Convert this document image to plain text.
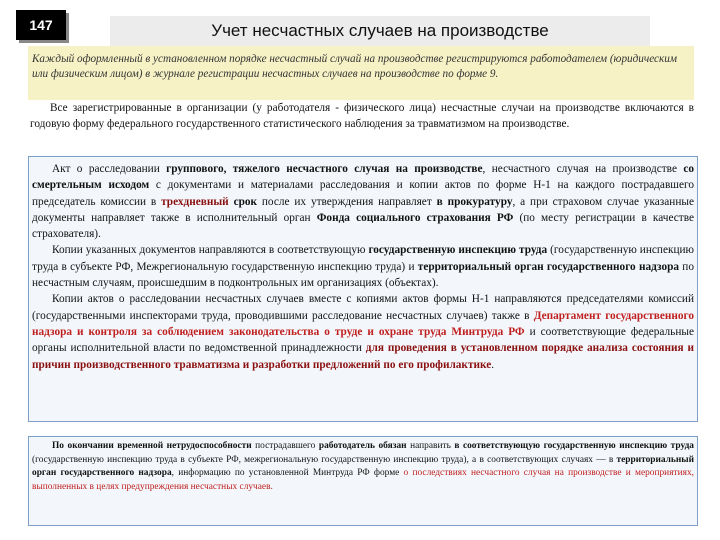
147	Учет несчастных случаев на производстве
Каждый оформленный в установленном порядке несчастный случай на производстве регистрируются работодателем (юридическим или физическим лицом) в журнале регистрации несчастных случаев на производстве по форме 9.

Все зарегистрированные в организации (у работодателя - физического лица) несчастные случаи на производстве включаются в годовую форму федерального государственного статистического наблюдения за травматизмом на производстве.

Акт о расследовании группового, тяжелого несчастного случая на производстве, несчастного случая на производстве со смертельным исходом с документами и материалами расследования и копии актов по форме Н-1 на каждого пострадавшего председатель комиссии в трехдневный срок после их утверждения направляет в прокуратуру, а при страховом случае указанные документы направляет также в исполнительный орган Фонда социального страхования РФ (по месту регистрации в качестве страхователя).

Копии указанных документов направляются в соответствующую государственную инспекцию труда (государственную инспекцию труда в субъекте РФ, Межрегиональную государственную инспекцию труда) и территориальный орган государственного надзора по несчастным случаям, происшедшим в подконтрольных им организациях (объектах).

Копии актов о расследовании несчастных случаев вместе с копиями актов формы Н-1 направляются председателями комиссий (государственными инспекторами труда, проводившими расследование несчастных случаев) также в Департамент государственного надзора и контроля за соблюдением законодательства о труде и охране труда Минтруда РФ и соответствующие федеральные органы исполнительной власти по ведомственной принадлежности для проведения в установленном порядке анализа состояния и причин производственного травматизма и разработки предложений по его профилактике.

По окончании временной нетрудоспособности пострадавшего работодатель обязан направить в соответствующую государственную инспекцию труда (государственную инспекцию труда в субъекте РФ, межрегиональную государственную инспекцию труда), а в соответствующих случаях — в территориальный орган государственного надзора, информацию по установленной Минтруда РФ форме о последствиях несчастного случая на производстве и мероприятиях, выполненных в целях предупреждения несчастных случаев.
